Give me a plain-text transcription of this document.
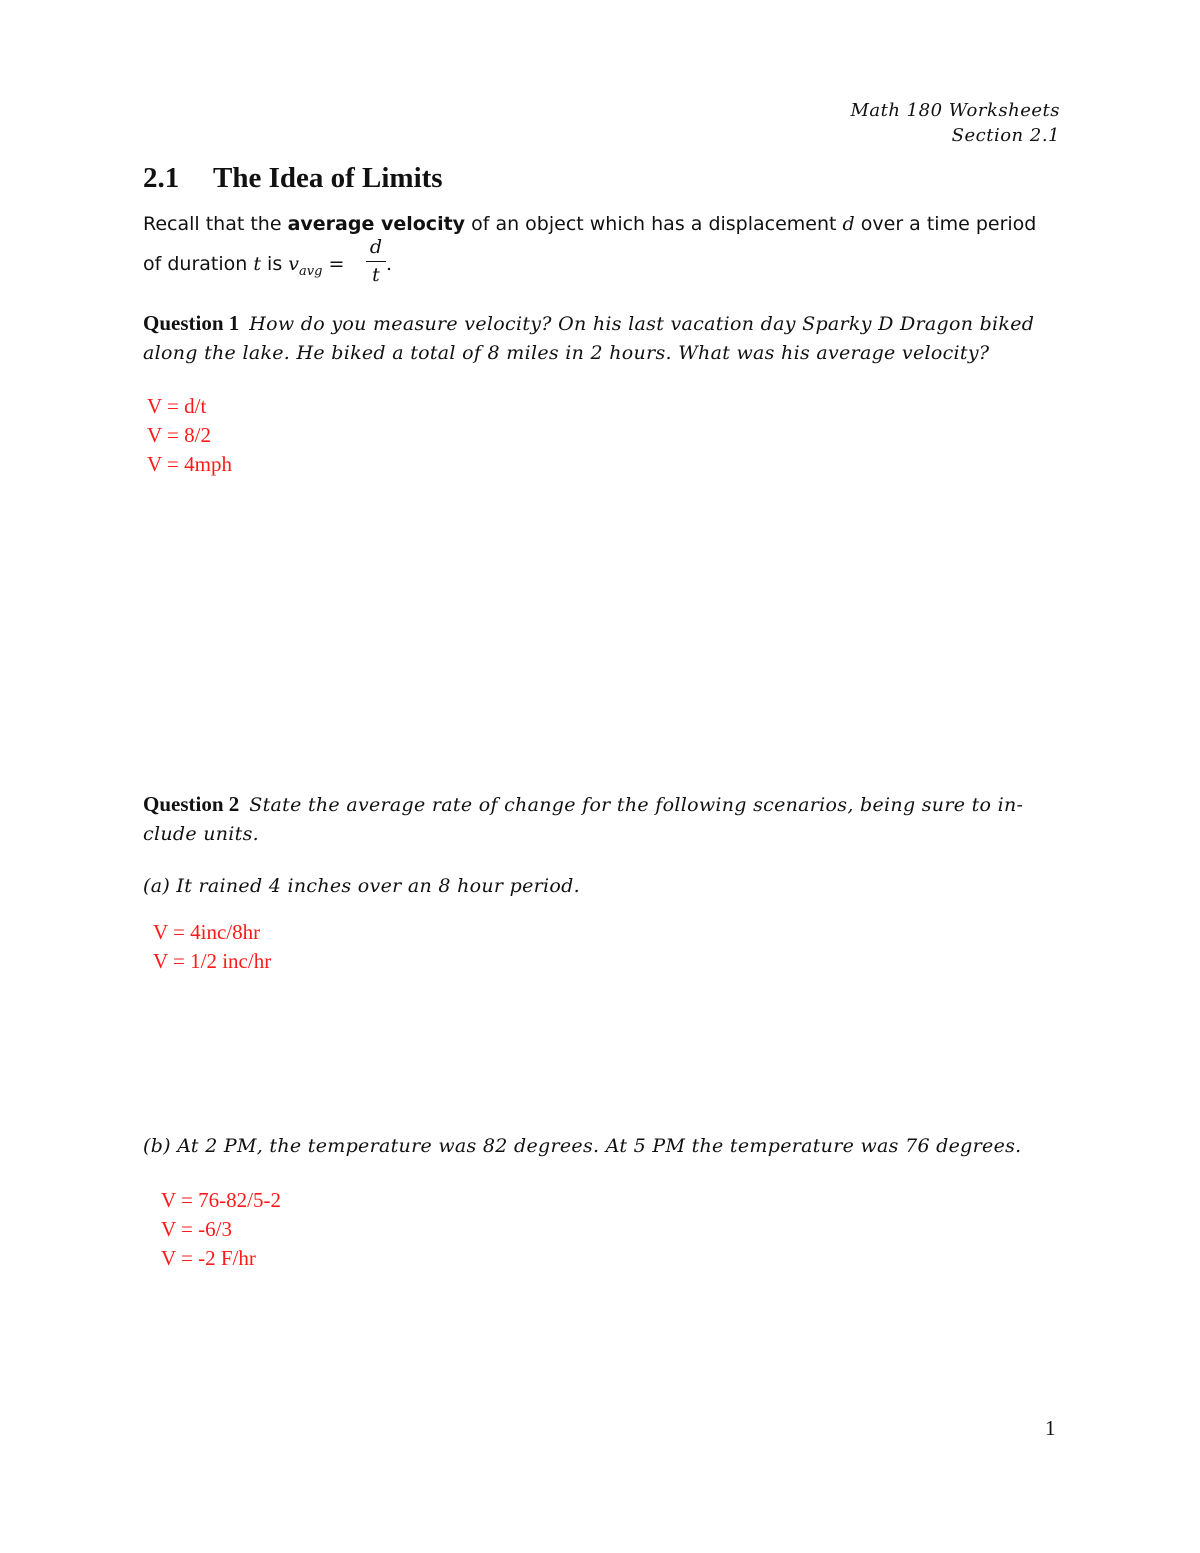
Math 180 Worksheets
Section 2.1
2.1 The Idea of Limits
Recall that the average velocity of an object which has a displacement d over a time period
of duration t is $v_{avg}$ =
d
t .
Question 1 How do you measure velocity? On his last vacation day Sparky D Dragon biked along the lake. He biked a total of 8 miles in 2 hours. What was his average velocity?
V = d/t
V = 8/2
V = 4mph
Question 2 State the average rate of change for the following scenarios, being sure to in-clude units.
(a) It rained 4 inches over an 8 hour period.
V = 4inc/8hr
V = 1/2 inc/hr
(b) At 2 PM, the temperature was 82 degrees. At 5 PM the temperature was 76 degrees.
V = 76-82/5-2
V = -6/3
V = -2 F/hr
1
